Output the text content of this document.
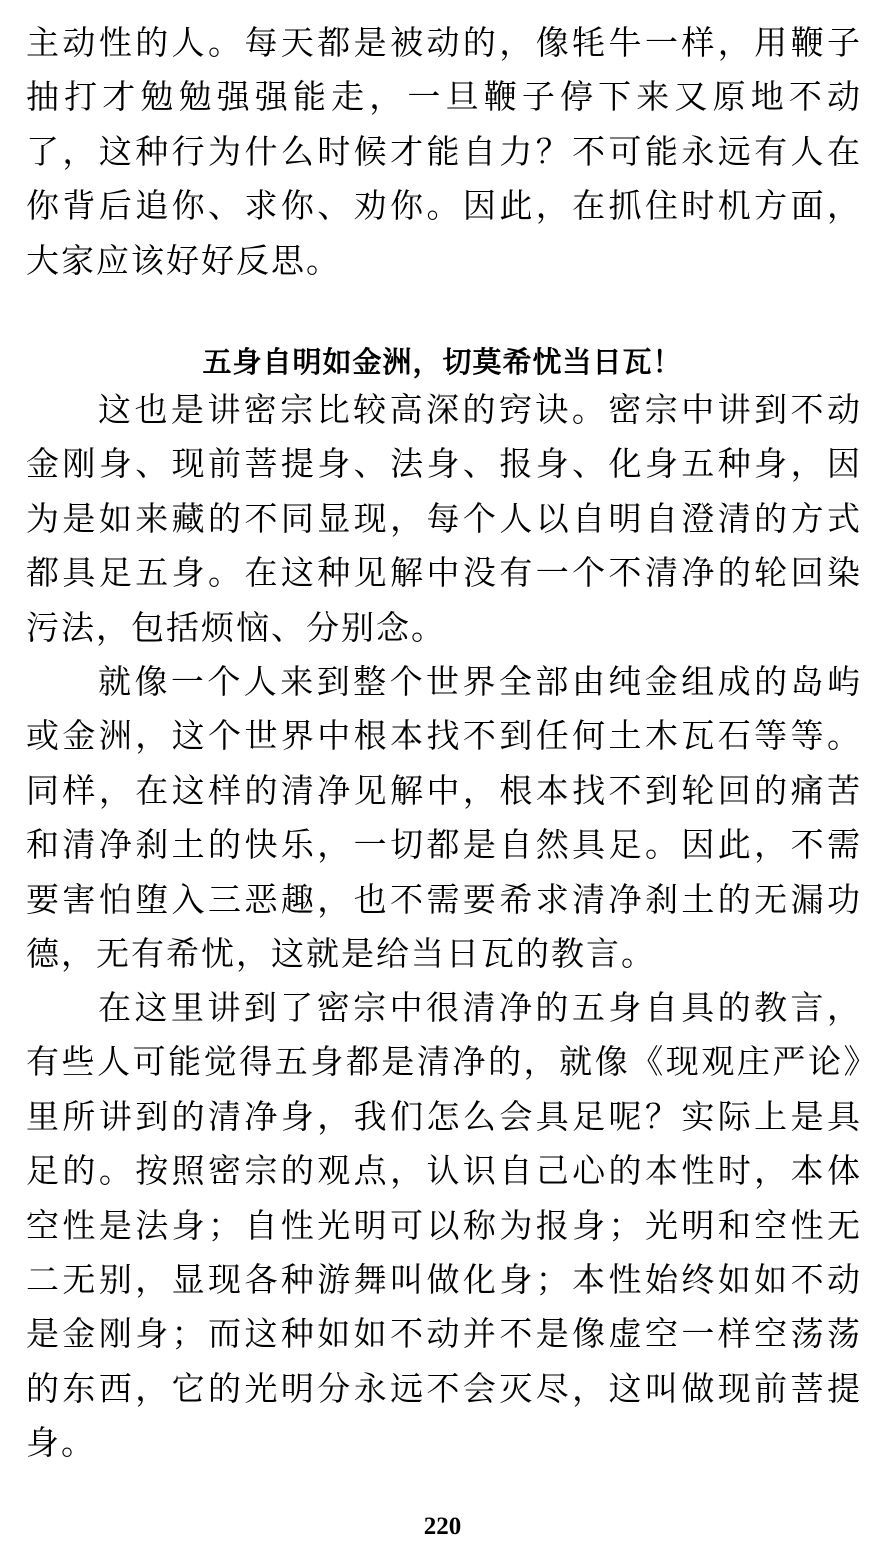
主动性的人。每天都是被动的，像牦牛一样，用鞭子抽打才勉勉强强能走，一旦鞭子停下来又原地不动了，这种行为什么时候才能自力？不可能永远有人在你背后追你、求你、劝你。因此，在抓住时机方面，大家应该好好反思。

五身自明如金洲，切莫希忧当日瓦！

这也是讲密宗比较高深的窍诀。密宗中讲到不动金刚身、现前菩提身、法身、报身、化身五种身，因为是如来藏的不同显现，每个人以自明自澄清的方式都具足五身。在这种见解中没有一个不清净的轮回染污法，包括烦恼、分别念。

就像一个人来到整个世界全部由纯金组成的岛屿或金洲，这个世界中根本找不到任何土木瓦石等等。同样，在这样的清净见解中，根本找不到轮回的痛苦和清净刹土的快乐，一切都是自然具足。因此，不需要害怕堕入三恶趣，也不需要希求清净刹土的无漏功德，无有希忧，这就是给当日瓦的教言。

在这里讲到了密宗中很清净的五身自具的教言，有些人可能觉得五身都是清净的，就像《现观庄严论》里所讲到的清净身，我们怎么会具足呢？实际上是具足的。按照密宗的观点，认识自己心的本性时，本体空性是法身；自性光明可以称为报身；光明和空性无二无别，显现各种游舞叫做化身；本性始终如如不动是金刚身；而这种如如不动并不是像虚空一样空荡荡的东西，它的光明分永远不会灭尽，这叫做现前菩提身。

220
